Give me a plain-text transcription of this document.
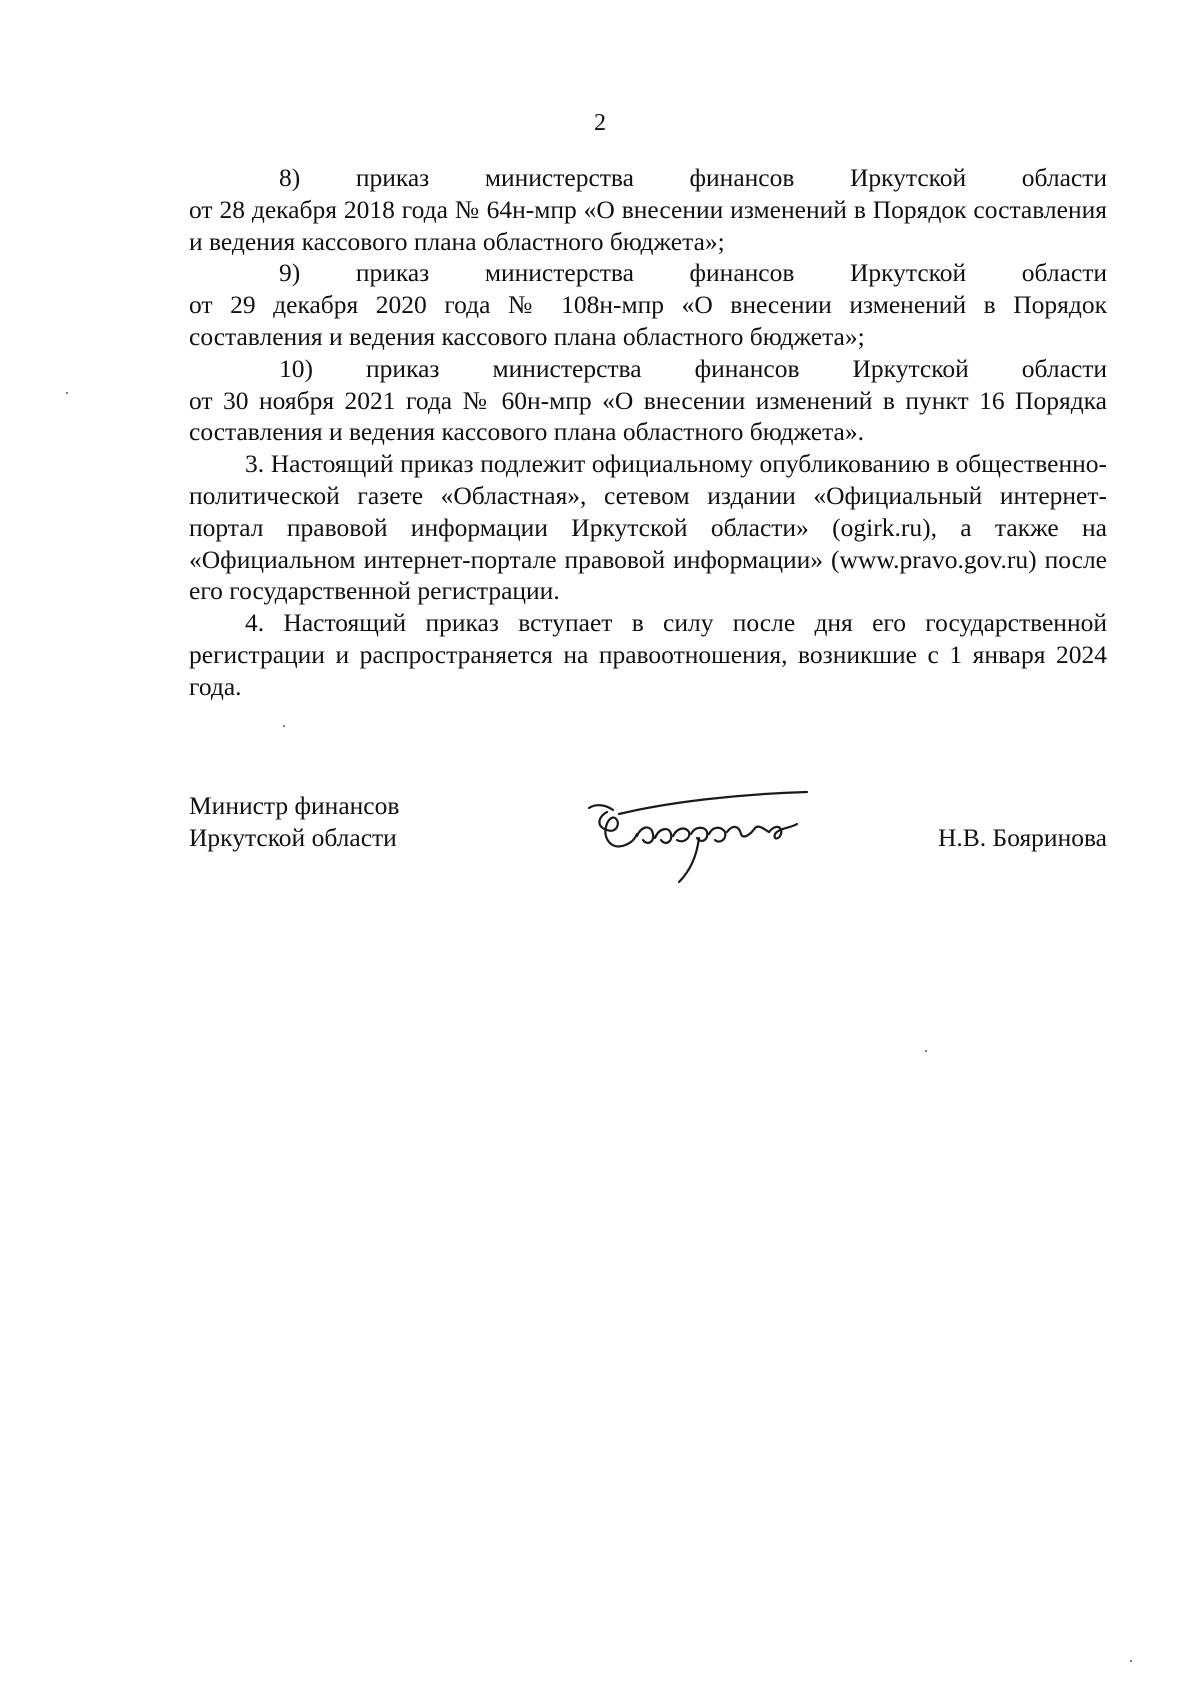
2

8)    приказ    министерства    финансов    Иркутской    области

от 28 декабря 2018 года № 64н-мпр «О внесении изменений в Порядок составления и ведения кассового плана областного бюджета»;

9)    приказ    министерства    финансов    Иркутской    области

от 29 декабря 2020 года № 108н-мпр «О внесении изменений в Порядок составления и ведения кассового плана областного бюджета»;

10)    приказ    министерства    финансов    Иркутской    области

от 30 ноября 2021 года № 60н-мпр «О внесении изменений в пункт 16 Порядка составления и ведения кассового плана областного бюджета».

3. Настоящий приказ подлежит официальному опубликованию в общественно-политической газете «Областная», сетевом издании «Официальный интернет-портал правовой информации Иркутской области» (ogirk.ru), а также на «Официальном интернет-портале правовой информации» (www.pravo.gov.ru) после его государственной регистрации.

4. Настоящий приказ вступает в силу после дня его государственной регистрации и распространяется на правоотношения, возникшие с 1 января 2024 года.

Министр финансов
Иркутской области	Н.В. Бояринова
